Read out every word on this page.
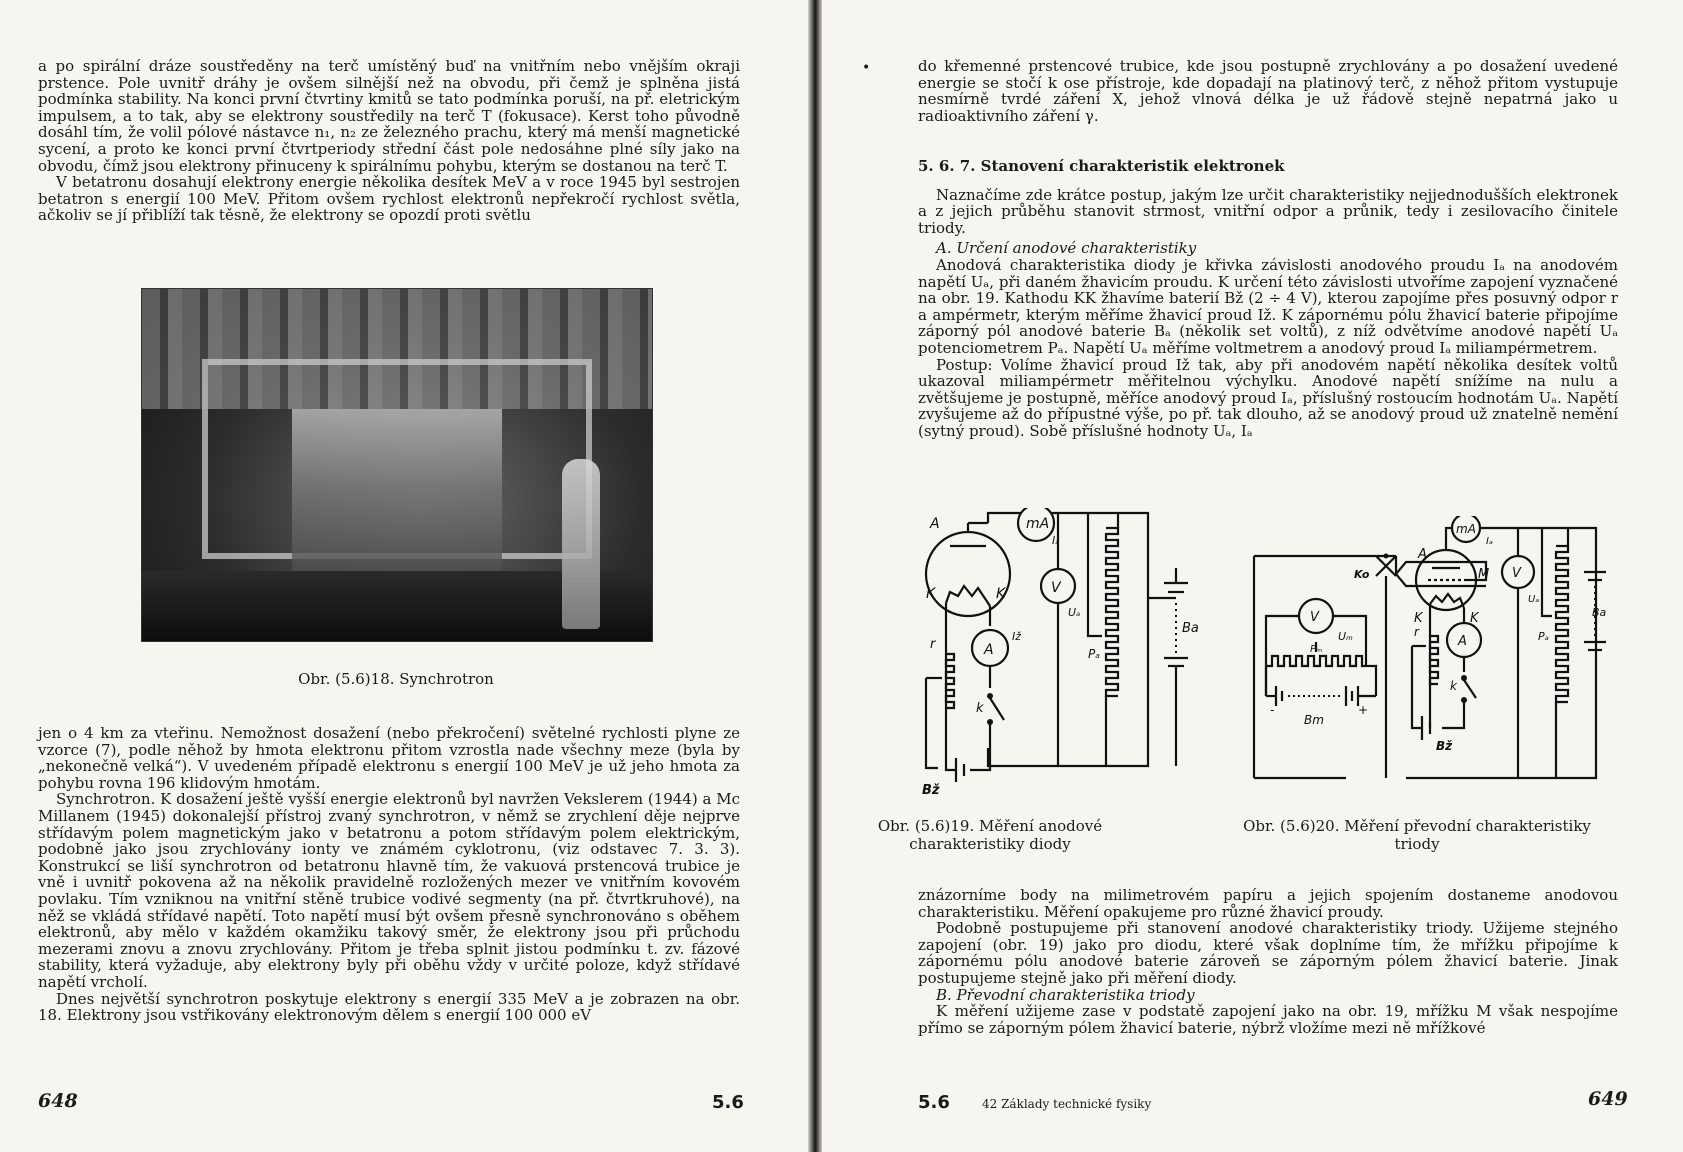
a po spirální dráze soustředěny na terč umístěný buď na vnitřním nebo vnějším okraji prstence. Pole uvnitř dráhy je ovšem silnější než na obvodu, při čemž je splněna jistá podmínka stability. Na konci první čtvrtiny kmitů se tato podmínka poruší, na př. eletrickým impulsem, a to tak, aby se elektrony soustředily na terč T (fokusace). Kerst toho původně dosáhl tím, že volil pólové nástavce n₁, n₂ ze železného prachu, který má menší magnetické sycení, a proto ke konci první čtvrtperiody střední část pole nedosáhne plné síly jako na obvodu, čímž jsou elektrony přinuceny k spirálnímu pohybu, kterým se dostanou na terč T.

V betatronu dosahují elektrony energie několika desítek MeV a v roce 1945 byl sestrojen betatron s energií 100 MeV. Přitom ovšem rychlost elektronů nepřekročí rychlost světla, ačkoliv se jí přiblíží tak těsně, že elektrony se opozdí proti světlu

Obr. (5.6)18. Synchrotron

jen o 4 km za vteřinu. Nemožnost dosažení (nebo překročení) světelné rychlosti plyne ze vzorce (7), podle něhož by hmota elektronu přitom vzrostla nade všechny meze (byla by „nekonečně velká“). V uvedeném případě elektronu s energií 100 MeV je už jeho hmota za pohybu rovna 196 klidovým hmotám.

Synchrotron. K dosažení ještě vyšší energie elektronů byl navržen Vekslerem (1944) a Mc Millanem (1945) dokonalejší přístroj zvaný synchrotron, v němž se zrychlení děje nejprve střídavým polem magnetickým jako v betatronu a potom střídavým polem elektrickým, podobně jako jsou zrychlovány ionty ve známém cyklotronu, (viz odstavec 7. 3. 3). Konstrukcí se liší synchrotron od betatronu hlavně tím, že vakuová prstencová trubice je vně i uvnitř pokovena až na několik pravidelně rozložených mezer ve vnitřním kovovém povlaku. Tím vzniknou na vnitřní stěně trubice vodivé segmenty (na př. čtvrtkruhové), na něž se vkládá střídavé napětí. Toto napětí musí být ovšem přesně synchronováno s oběhem elektronů, aby mělo v každém okamžiku takový směr, že elektrony jsou při průchodu mezerami znovu a znovu zrychlovány. Přitom je třeba splnit jistou podmínku t. zv. fázové stability, která vyžaduje, aby elektrony byly při oběhu vždy v určité poloze, když střídavé napětí vrcholí.

Dnes největší synchrotron poskytuje elektrony s energií 335 MeV a je zobrazen na obr. 18. Elektrony jsou vstřikovány elektronovým dělem s energií 100 000 eV

648	5.6
•	do křemenné prstencové trubice, kde jsou postupně zrychlovány a po dosažení uvedené energie se stočí k ose přístroje, kde dopadají na platinový terč, z něhož přitom vystupuje nesmírně tvrdé záření X, jehož vlnová délka je už řádově stejně nepatrná jako u radioaktivního záření γ.

5. 6. 7. Stanovení charakteristik elektronek

Naznačíme zde krátce postup, jakým lze určit charakteristiky nejjednodušších elektronek a z jejich průběhu stanovit strmost, vnitřní odpor a průnik, tedy i zesilovacího činitele triody.

A. Určení anodové charakteristiky

Anodová charakteristika diody je křivka závislosti anodového proudu Iₐ na anodovém napětí Uₐ, při daném žhavicím proudu. K určení této závislosti utvoříme zapojení vyznačené na obr. 19. Kathodu KK žhavíme baterií Bž (2 ÷ 4 V), kterou zapojíme přes posuvný odpor r a ampérmetr, kterým měříme žhavicí proud Iž. K zápornému pólu žhavicí baterie připojíme záporný pól anodové baterie Bₐ (několik set voltů), z níž odvětvíme anodové napětí Uₐ potenciometrem Pₐ. Napětí Uₐ měříme voltmetrem a anodový proud Iₐ miliampérmetrem.

Postup: Volíme žhavicí proud Iž tak, aby při anodovém napětí několika desítek voltů ukazoval miliampérmetr měřitelnou výchylku. Anodové napětí snížíme na nulu a zvětšujeme je postupně, měříce anodový proud Iₐ, příslušný rostoucím hodnotám Uₐ. Napětí zvyšujeme až do přípustné výše, po př. tak dlouho, až se anodový proud už znatelně nemění (sytný proud). Sobě příslušné hodnoty Uₐ, Iₐ

A
K	K
mA
Iₐ
V
Uₐ
A
Iž
r
k
Bž
Pₐ
Ba
Obr. (5.6)19. Měření anodové charakteristiky diody
A
M
K	K
mA
Iₐ
Ko
V
Uₘ
Pₘ
Bm
-	+
A
r
k
Bž
V
Uₐ
Pₐ
Ba
Obr. (5.6)20. Měření převodní charakteristiky triody

znázorníme body na milimetrovém papíru a jejich spojením dostaneme anodovou charakteristiku. Měření opakujeme pro různé žhavicí proudy.

Podobně postupujeme při stanovení anodové charakteristiky triody. Užijeme stejného zapojení (obr. 19) jako pro diodu, které však doplníme tím, že mřížku připojíme k zápornému pólu anodové baterie zároveň se záporným pólem žhavicí baterie. Jinak postupujeme stejně jako při měření diody.

B. Převodní charakteristika triody

K měření užijeme zase v podstatě zapojení jako na obr. 19, mřížku M však nespojíme přímo se záporným pólem žhavicí baterie, nýbrž vložíme mezi ně mřížkové

5.6	42 Základy technické fysiky	649
